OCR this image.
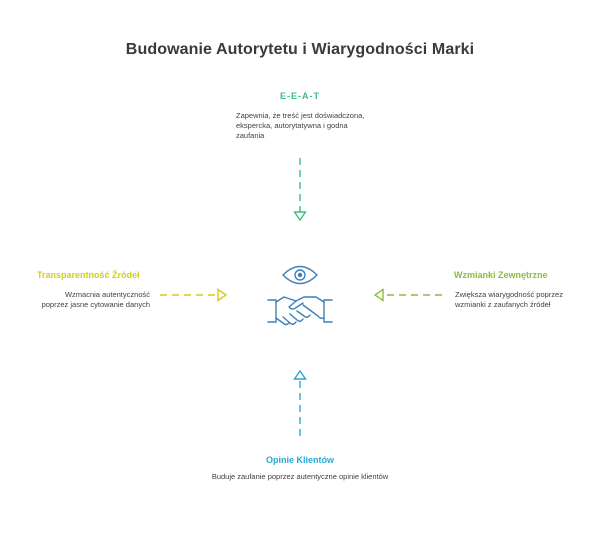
Budowanie Autorytetu i Wiarygodności Marki
E-E-A-T
Zapewnia, że treść jest doświadczona, ekspercka, autorytatywna i godna zaufania
Transparentność Źródeł
Wzmacnia autentyczność poprzez jasne cytowanie danych
Wzmianki Zewnętrzne
Zwiększa wiarygodność poprzez wzmianki z zaufanych źródeł
Opinie Klientów
Buduje zaufanie poprzez autentyczne opinie klientów
